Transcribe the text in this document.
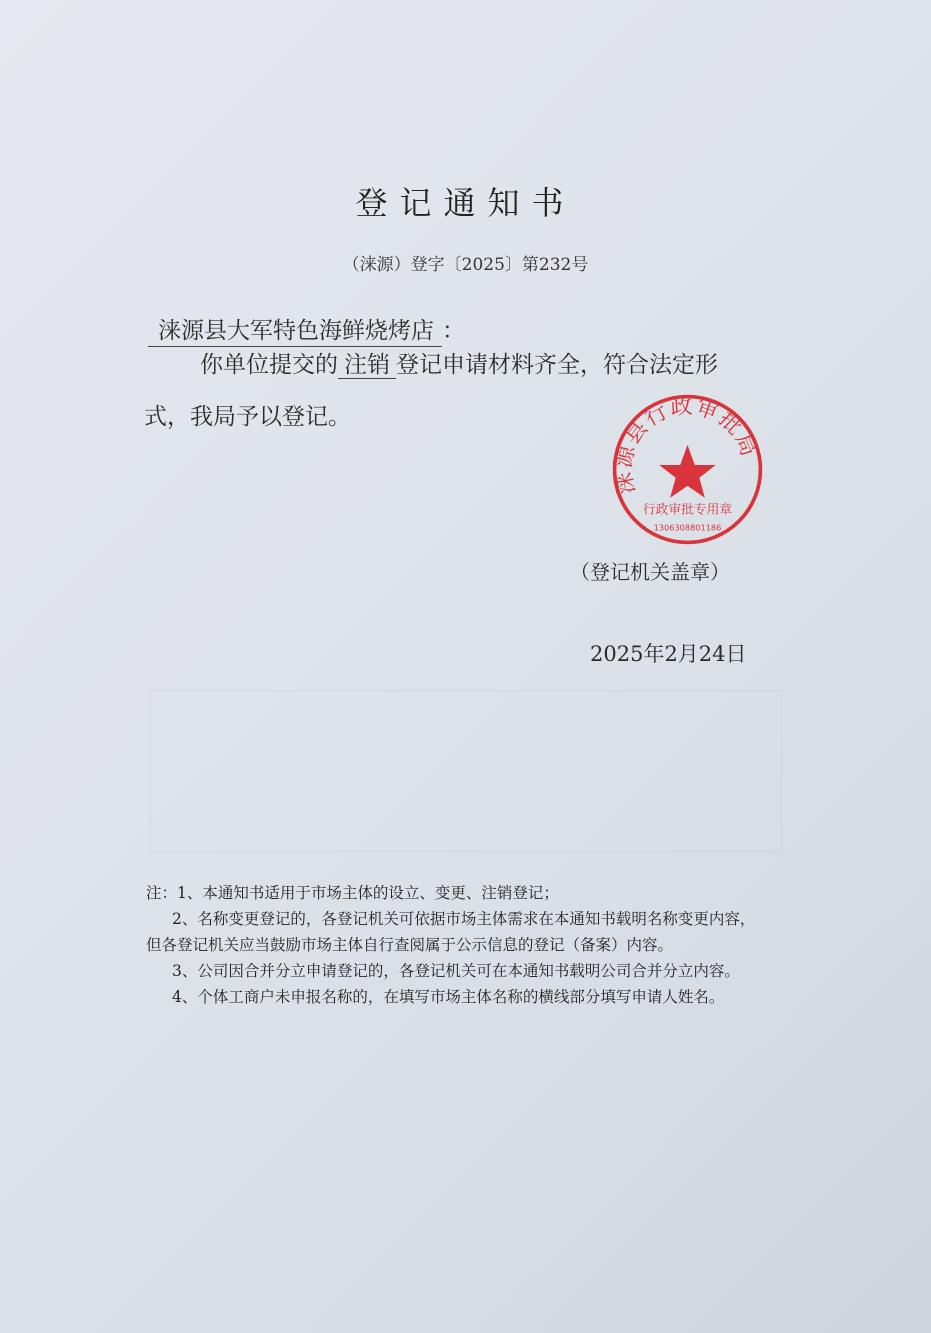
登记通知书
（涞源）登字〔2025〕第232号
涞源县大军特色海鲜烧烤店 ：
你单位提交的 注销 登记申请材料齐全，符合法定形
式，我局予以登记。
涞源县行政审批局
行政审批专用章
1306308801186
（登记机关盖章）
2025年2月24日
注：1、本通知书适用于市场主体的设立、变更、注销登记；
2、名称变更登记的，各登记机关可依据市场主体需求在本通知书载明名称变更内容，
但各登记机关应当鼓励市场主体自行查阅属于公示信息的登记（备案）内容。
3、公司因合并分立申请登记的，各登记机关可在本通知书载明公司合并分立内容。
4、个体工商户未申报名称的，在填写市场主体名称的横线部分填写申请人姓名。
